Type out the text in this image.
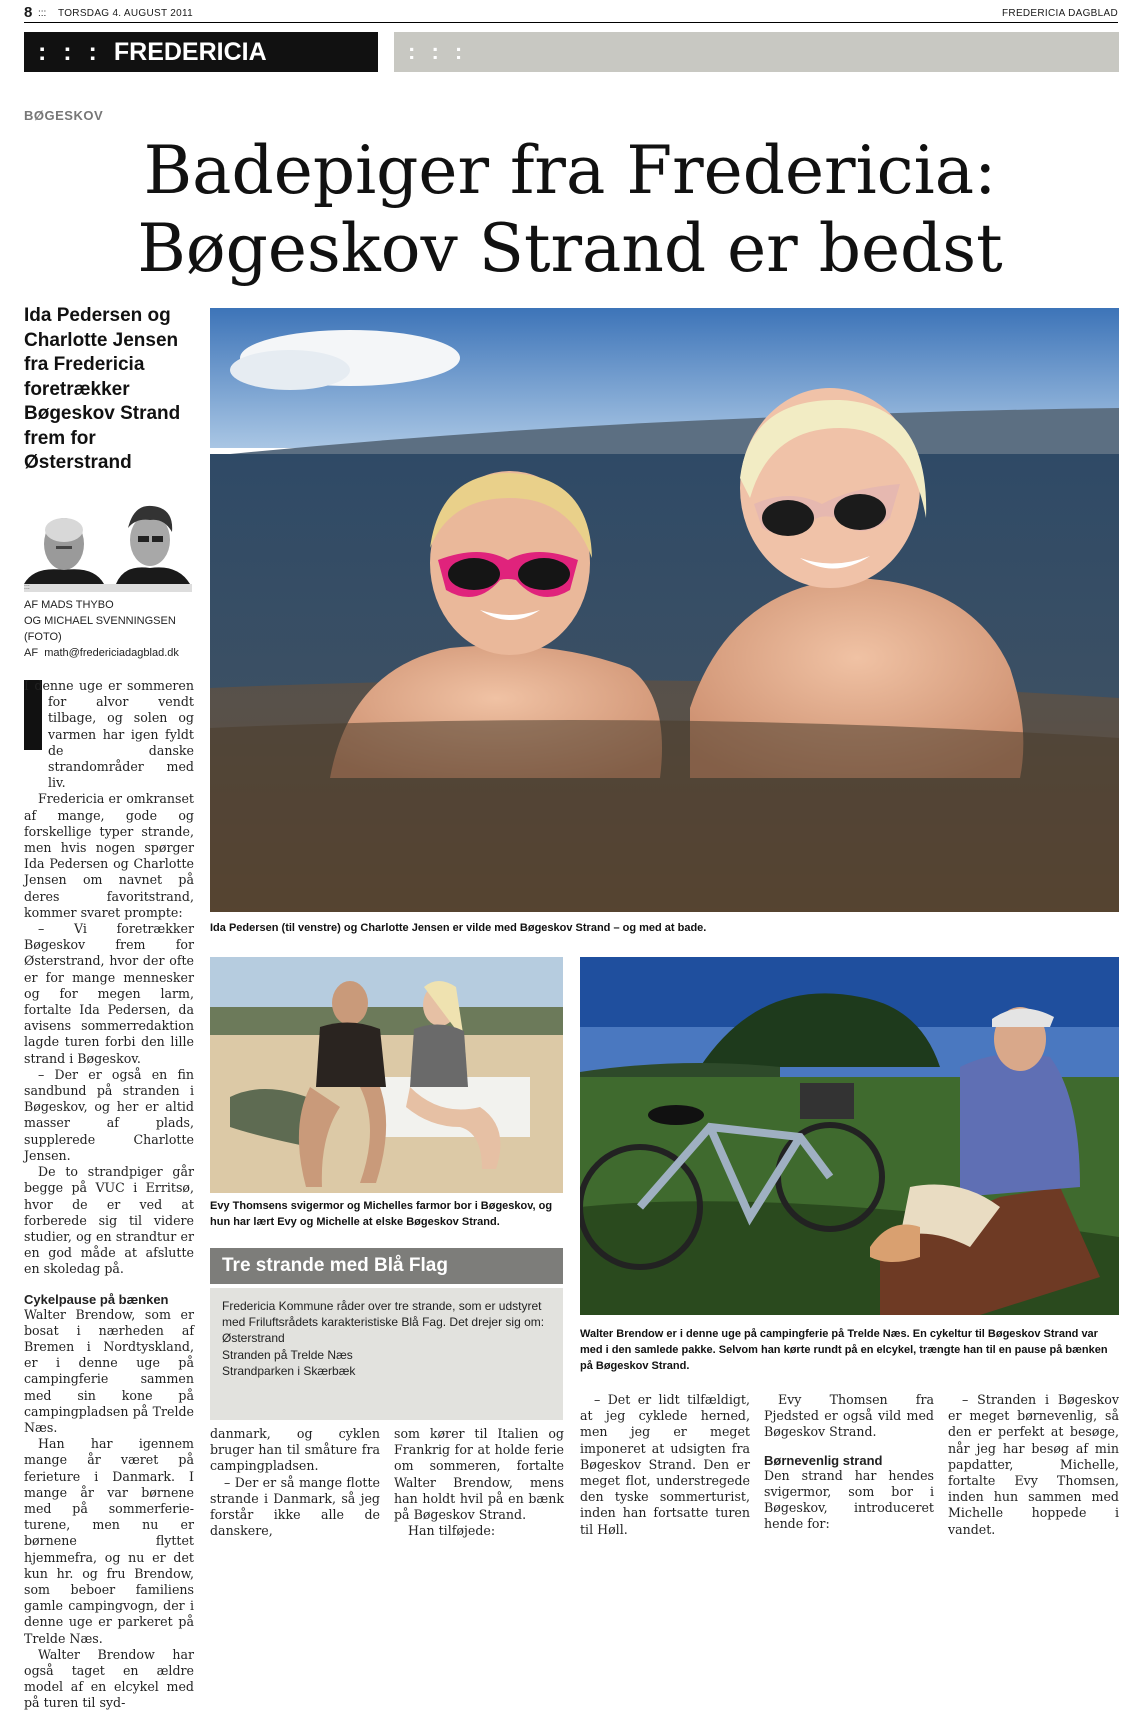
8 ::: TORSDAG 4. AUGUST 2011	FREDERICIA DAGBLAD
: : : FREDERICIA	: : :
BØGESKOV
Badepiger fra Fredericia:
Bøgeskov Strand er bedst
Ida Pedersen og Charlotte Jensen fra Fredericia foretrækker Bøgeskov Strand frem for Østerstrand
:::
AF MADS THYBO
OG MICHAEL SVENNINGSEN
(FOTO)
AF math@fredericiadagblad.dk

I denne uge er sommeren for alvor vendt tilbage, og solen og varmen har igen fyldt de danske strandområder med liv.

Fredericia er omkranset af mange, gode og forskellige typer strande, men hvis nogen spørger Ida Pedersen og Charlotte Jensen om navnet på deres favoritstrand, kommer svaret prompte:

– Vi foretrækker Bøgeskov frem for Østerstrand, hvor der ofte er for mange mennesker og for megen larm, fortalte Ida Pedersen, da avisens sommerredaktion lagde turen forbi den lille strand i Bøgeskov.

– Der er også en fin sandbund på stranden i Bøgeskov, og her er altid masser af plads, supplerede Charlotte Jensen.

De to strandpiger går begge på VUC i Erritsø, hvor de er ved at forberede sig til videre studier, og en strandtur er en god måde at afslutte en skoledag på.

Cykelpause på bænken

Walter Brendow, som er bosat i nærheden af Bremen i Nordtyskland, er i denne uge på campingferie sammen med sin kone på campingpladsen på Trelde Næs.

Han har igennem mange år været på ferieture i Danmark. I mange år var børnene med på sommerferie-turene, men nu er børnene flyttet hjemmefra, og nu er det kun hr. og fru Brendow, som beboer familiens gamle campingvogn, der i denne uge er parkeret på Trelde Næs.

Walter Brendow har også taget en ældre model af en elcykel med på turen til syd-

Ida Pedersen (til venstre) og Charlotte Jensen er vilde med Bøgeskov Strand – og med at bade.
Evy Thomsens svigermor og Michelles farmor bor i Bøgeskov, og hun har lært Evy og Michelle at elske Bøgeskov Strand.
Tre strande med Blå Flag
Fredericia Kommune råder over tre strande, som er udstyret med Friluftsrådets karakteristiske Blå Fag. Det drejer sig om:
Østerstrand
Stranden på Trelde Næs
Strandparken i Skærbæk
Walter Brendow er i denne uge på campingferie på Trelde Næs. En cykeltur til Bøgeskov Strand var med i den samlede pakke. Selvom han kørte rundt på en elcykel, trængte han til en pause på bænken på Bøgeskov Strand.

danmark, og cyklen bruger han til småture fra campingpladsen.

– Der er så mange flotte strande i Danmark, så jeg forstår ikke alle de danskere,

som kører til Italien og Frankrig for at holde ferie om sommeren, fortalte Walter Brendow, mens han holdt hvil på en bænk på Bøgeskov Strand.

Han tilføjede:

– Det er lidt tilfældigt, at jeg cyklede herned, men jeg er meget imponeret at udsigten fra Bøgeskov Strand. Den er meget flot, understregede den tyske sommerturist, inden han fortsatte turen til Høll.

Evy Thomsen fra Pjedsted er også vild med Bøgeskov Strand.

Børnevenlig strand

Den strand har hendes svigermor, som bor i Bøgeskov, introduceret hende for:

– Stranden i Bøgeskov er meget børnevenlig, så den er perfekt at besøge, når jeg har besøg af min papdatter, Michelle, fortalte Evy Thomsen, inden hun sammen med Michelle hoppede i vandet.
